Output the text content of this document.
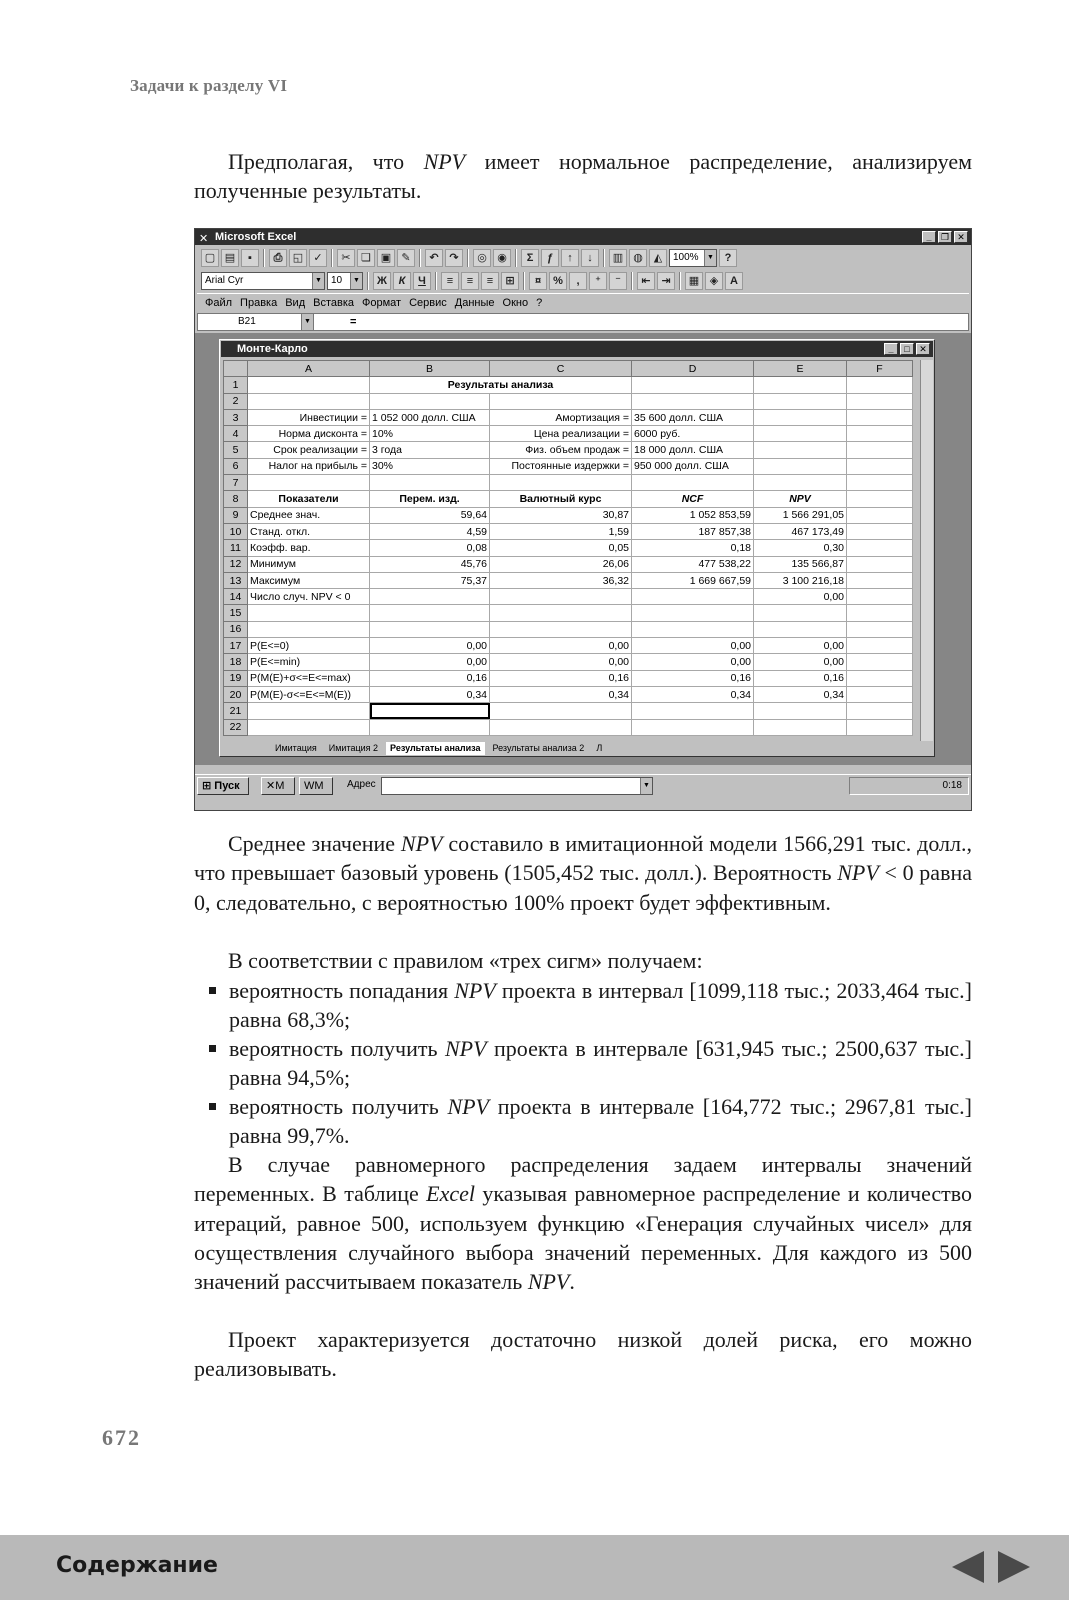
Задачи к разделу VI

Предполагая, что NPV имеет нормальное распределение, анализируем полученные результаты.

✕ Microsoft Excel	_	❐ ✕
▢ ▤	▪	⎙ ◱ ✓	✂ ❏ ▣ ✎	↶ ↷	◎ ◉	Σ	ƒ	↑	↓	▥ ◍ ◭	100%	▼ ?
Arial Cyr	▼ 10	▼	Ж	К	Ч	≡	≡	≡	⊞	¤	%	,	⁺	⁻	⇤ ⇥	▦ ◈	A
Файл Правка Вид Вставка Формат Сервис Данные Окно ?
B21	▼	=
Монте-Карло	_	□	✕
	A	B	C	D	E	F
1		Результаты анализа				
2						
3	Инвестиции =	1 052 000 долл. США	Амортизация =	35 600 долл. США		
4	Норма дисконта =	10%	Цена реализации =	6000 руб.		
5	Срок реализации =	3 года	Физ. объем продаж =	18 000 долл. США		
6	Налог на прибыль =	30%	Постоянные издержки =	950 000 долл. США		
7						
8	Показатели	Перем. изд.	Валютный курс	NCF	NPV	
9	Среднее знач.	59,64	30,87	1 052 853,59	1 566 291,05	
10	Станд. откл.	4,59	1,59	187 857,38	467 173,49	
11	Коэфф. вар.	0,08	0,05	0,18	0,30	
12	Минимум	45,76	26,06	477 538,22	135 566,87	
13	Максимум	75,37	36,32	1 669 667,59	3 100 216,18	
14	Число случ. NPV < 0				0,00	
15						
16						
17	P(E<=0)	0,00	0,00	0,00	0,00	
18	P(E<=min)	0,00	0,00	0,00	0,00	
19	P(M(E)+σ<=E<=max)	0,16	0,16	0,16	0,16	
20	P(M(E)-σ<=E<=M(E))	0,34	0,34	0,34	0,34	
21						
22						
Имитация	Имитация 2	Результаты анализа	Результаты анализа 2	Л
⊞ Пуск	✕M	WM	Адрес	▼	0:18

Среднее значение NPV составило в имитационной модели 1566,291 тыс. долл., что превышает базовый уровень (1505,452 тыс. долл.). Вероятность NPV < 0 равна 0, следовательно, с вероятностью 100% проект будет эффективным.

В соответствии с правилом «трех сигм» получаем:

вероятность попадания NPV проекта в интервал [1099,118 тыс.; 2033,464 тыс.] равна 68,3%;

вероятность получить NPV проекта в интервале [631,945 тыс.; 2500,637 тыс.] равна 94,5%;

вероятность получить NPV проекта в интервале [164,772 тыс.; 2967,81 тыс.] равна 99,7%.

В случае равномерного распределения задаем интервалы значений переменных. В таблице Excel указывая равномерное распределение и количество итераций, равное 500, используем функцию «Генерация случайных чисел» для осуществления случайного выбора значений переменных. Для каждого из 500 значений рассчитываем показатель NPV.

Проект характеризуется достаточно низкой долей риска, его можно реализовывать.

672
Содержание
